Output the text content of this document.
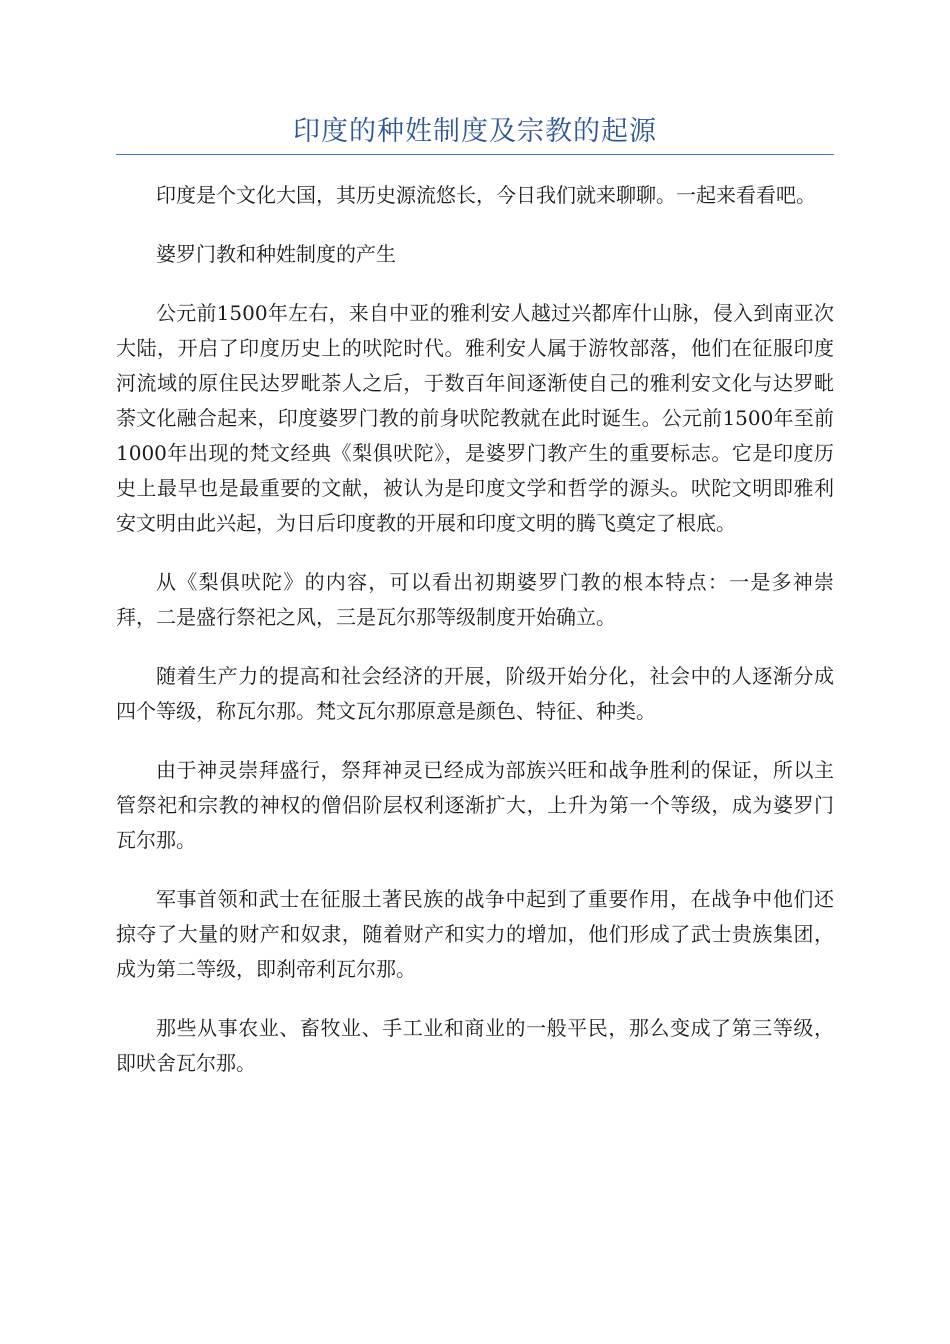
印度的种姓制度及宗教的起源

印度是个文化大国，其历史源流悠长，今日我们就来聊聊。一起来看看吧。

婆罗门教和种姓制度的产生

公元前1500年左右，来自中亚的雅利安人越过兴都库什山脉，侵入到南亚次大陆，开启了印度历史上的吠陀时代。雅利安人属于游牧部落，他们在征服印度河流域的原住民达罗毗荼人之后，于数百年间逐渐使自己的雅利安文化与达罗毗荼文化融合起来，印度婆罗门教的前身吠陀教就在此时诞生。公元前1500年至前1000年出现的梵文经典《梨俱吠陀》，是婆罗门教产生的重要标志。它是印度历史上最早也是最重要的文献，被认为是印度文学和哲学的源头。吠陀文明即雅利安文明由此兴起，为日后印度教的开展和印度文明的腾飞奠定了根底。

从《梨俱吠陀》的内容，可以看出初期婆罗门教的根本特点：一是多神崇拜，二是盛行祭祀之风，三是瓦尔那等级制度开始确立。

随着生产力的提高和社会经济的开展，阶级开始分化，社会中的人逐渐分成四个等级，称瓦尔那。梵文瓦尔那原意是颜色、特征、种类。

由于神灵崇拜盛行，祭拜神灵已经成为部族兴旺和战争胜利的保证，所以主管祭祀和宗教的神权的僧侣阶层权利逐渐扩大，上升为第一个等级，成为婆罗门瓦尔那。

军事首领和武士在征服土著民族的战争中起到了重要作用，在战争中他们还掠夺了大量的财产和奴隶，随着财产和实力的增加，他们形成了武士贵族集团，成为第二等级，即刹帝利瓦尔那。

那些从事农业、畜牧业、手工业和商业的一般平民，那么变成了第三等级，即吠舍瓦尔那。
